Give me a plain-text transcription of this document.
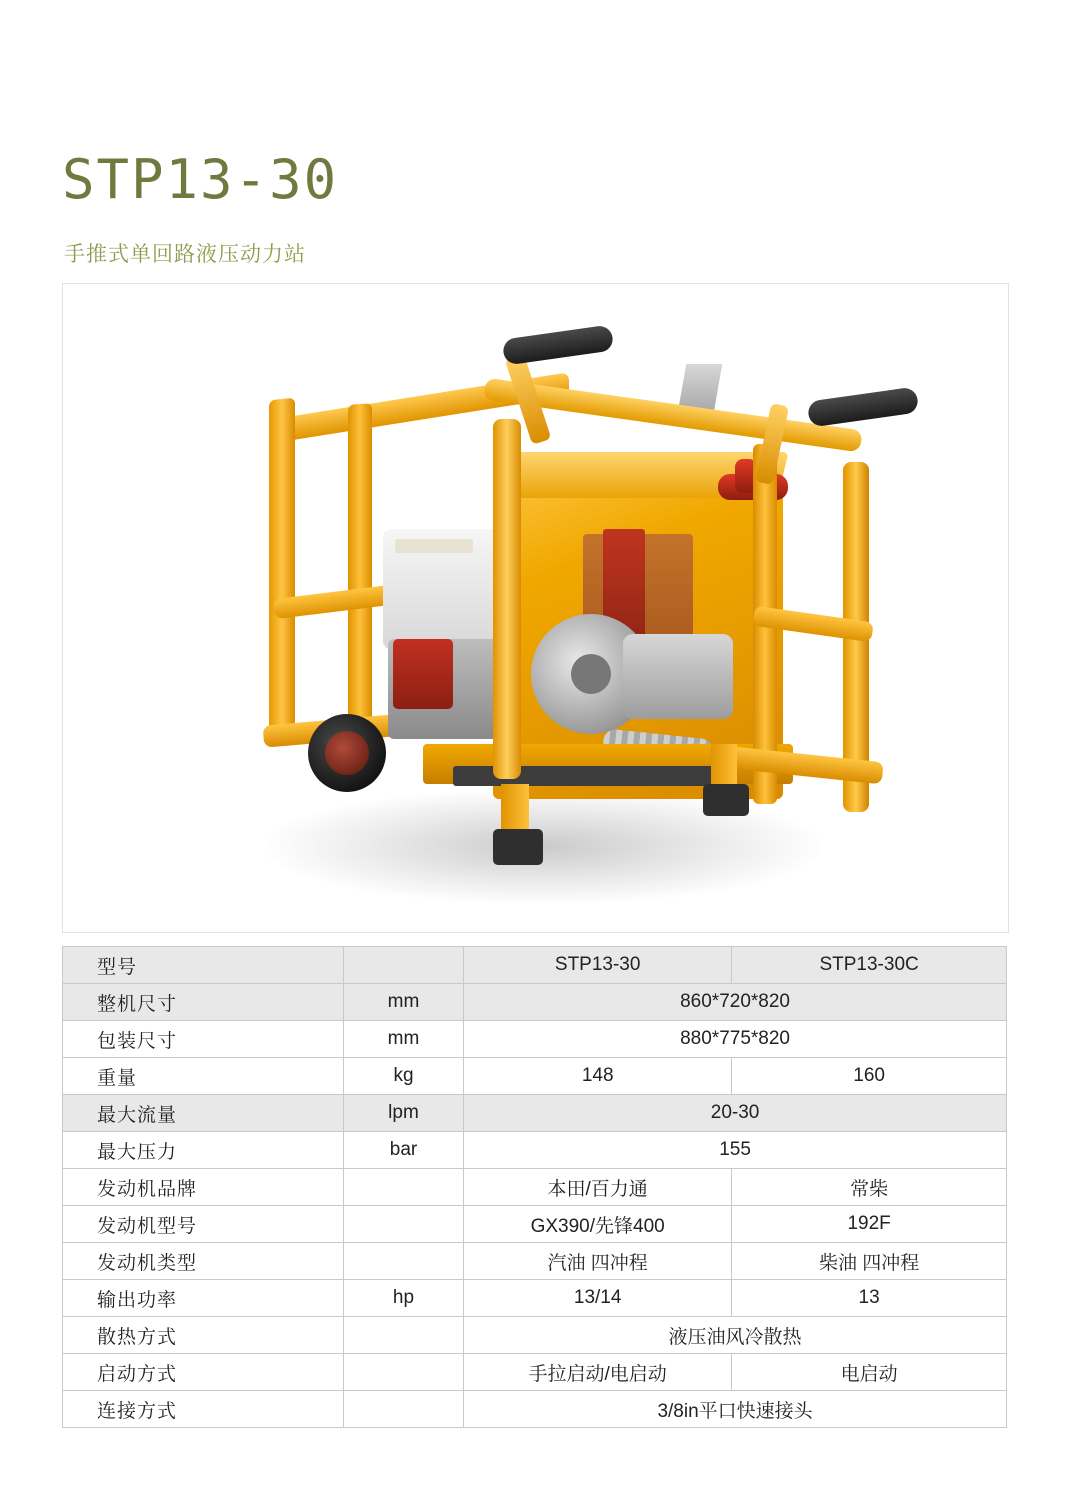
STP13-30
手推式单回路液压动力站
型号		STP13-30	STP13-30C
整机尺寸	mm	860*720*820	
包装尺寸	mm	880*775*820	
重量	kg	148	160
最大流量	lpm	20-30	
最大压力	bar	155	
发动机品牌		本田/百力通	常柴
发动机型号		GX390/先锋400	192F
发动机类型		汽油 四冲程	柴油 四冲程
输出功率	hp	13/14	13
散热方式		液压油风冷散热	
启动方式		手拉启动/电启动	电启动
连接方式		3/8in平口快速接头	
